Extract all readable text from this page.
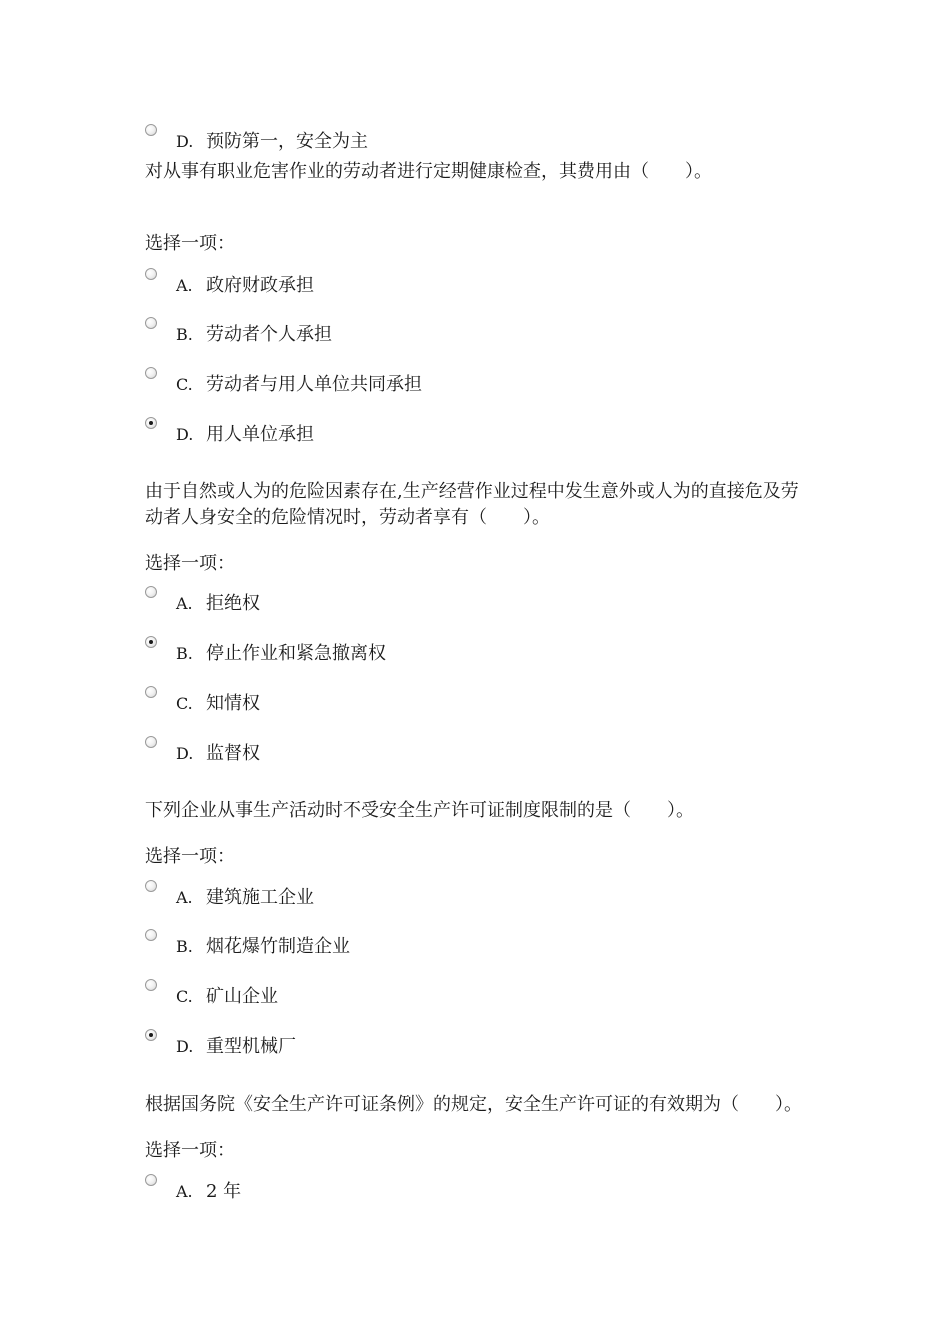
D. 预防第一，安全为主
对从事有职业危害作业的劳动者进行定期健康检查，其费用由（　　）。
选择一项：
A. 政府财政承担
B. 劳动者个人承担
C. 劳动者与用人单位共同承担
D. 用人单位承担
由于自然或人为的危险因素存在,生产经营作业过程中发生意外或人为的直接危及劳动者人身安全的危险情况时，劳动者享有（　　）。
选择一项：
A. 拒绝权
B. 停止作业和紧急撤离权
C. 知情权
D. 监督权
下列企业从事生产活动时不受安全生产许可证制度限制的是（　　）。
选择一项：
A. 建筑施工企业
B. 烟花爆竹制造企业
C. 矿山企业
D. 重型机械厂
根据国务院《安全生产许可证条例》的规定，安全生产许可证的有效期为（　　）。
选择一项：
A. 2 年
